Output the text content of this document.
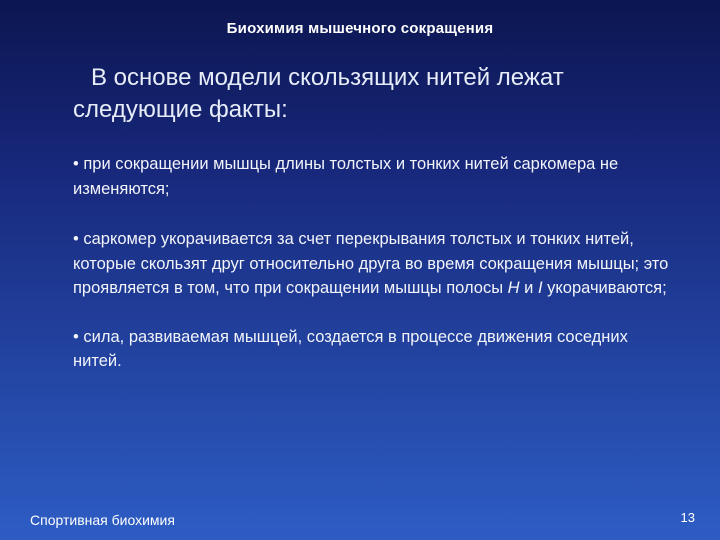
Биохимия мышечного сокращения

В основе модели скользящих нитей лежат следующие факты:

• при сокращении мышцы длины толстых и тонких нитей саркомера не изменяются;
• саркомер укорачивается за счет перекрывания толстых и тонких нитей, которые скользят друг относительно друга во время сокращения мышцы; это проявляется в том, что при сокращении мышцы полосы H и I укорачиваются;
• сила, развиваемая мышцей, создается в процессе движения соседних нитей.
Спортивная биохимия	13
